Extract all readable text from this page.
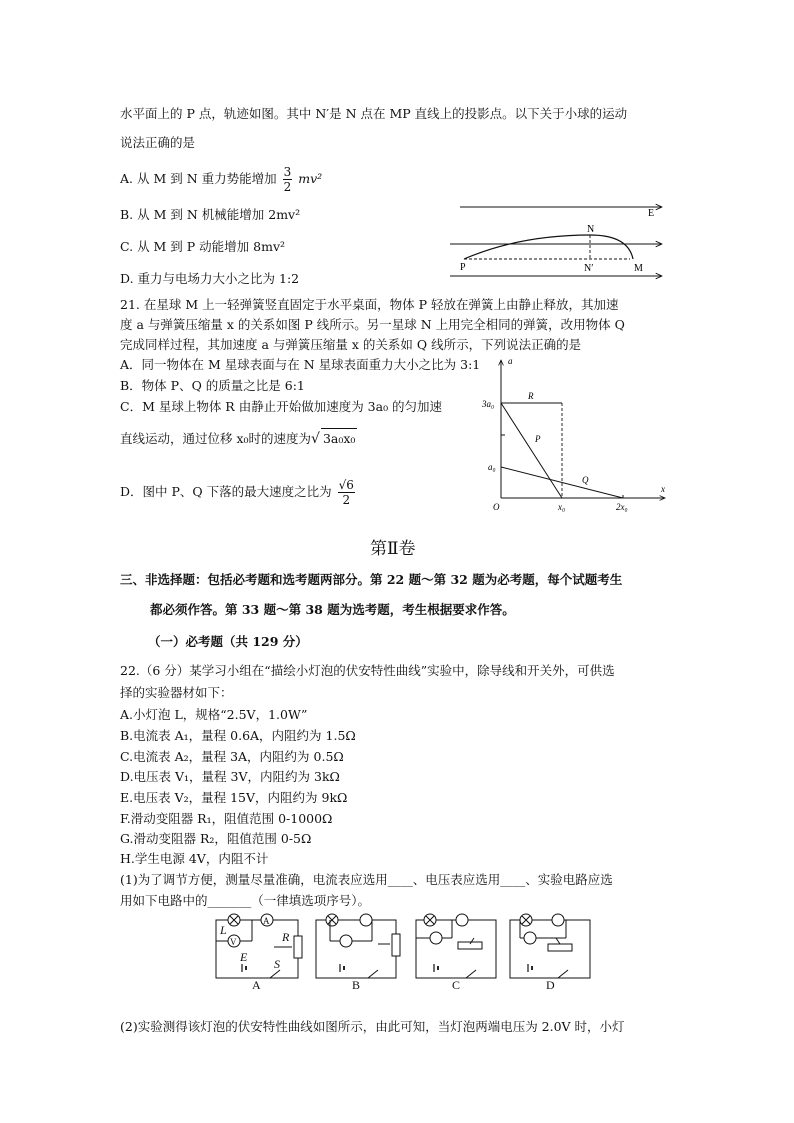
水平面上的 P 点，轨迹如图。其中 N′是 N 点在 MP 直线上的投影点。以下关于小球的运动
说法正确的是
A. 从 M 到 N 重力势能增加 $\frac{3}{2} mv^2$
B. 从 M 到 N 机械能增加 2mv²
C. 从 M 到 P 动能增加 8mv²
D. 重力与电场力大小之比为 1:2
E
N
P	N′	M
21. 在星球 M 上一轻弹簧竖直固定于水平桌面，物体 P 轻放在弹簧上由静止释放，其加速
度 a 与弹簧压缩量 x 的关系如图 P 线所示。另一星球 N 上用完全相同的弹簧，改用物体 Q
完成同样过程，其加速度 a 与弹簧压缩量 x 的关系如 Q 线所示，下列说法正确的是
A．同一物体在 M 星球表面与在 N 星球表面重力大小之比为 3:1
B．物体 P、Q 的质量之比是 6:1
C．M 星球上物体 R 由静止开始做加速度为 3a₀ 的匀加速
直线运动，通过位移 x₀时的速度为√ 3a₀x₀
D．图中 P、Q 下落的最大速度之比为 $\frac{√6}{2}$
a
3a₀
a₀
R
P
Q
x
O	x₀	2x₀
第Ⅱ卷
三、非选择题：包括必考题和选考题两部分。第 22 题～第 32 题为必考题，每个试题考生
都必须作答。第 33 题～第 38 题为选考题，考生根据要求作答。
（一）必考题（共 129 分）
22.（6 分）某学习小组在“描绘小灯泡的伏安特性曲线”实验中，除导线和开关外，可供选
择的实验器材如下：
A.小灯泡 L，规格“2.5V，1.0W”
B.电流表 A₁，量程 0.6A，内阻约为 1.5Ω
C.电流表 A₂，量程 3A，内阻约为 0.5Ω
D.电压表 V₁，量程 3V，内阻约为 3kΩ
E.电压表 V₂，量程 15V，内阻约为 9kΩ
F.滑动变阻器 R₁，阻值范围 0-1000Ω
G.滑动变阻器 R₂，阻值范围 0-5Ω
H.学生电源 4V，内阻不计
(1)为了调节方便，测量尽量准确，电流表应选用____、电压表应选用____、实验电路应选
用如下电路中的_______（一律填选项序号）。
A
V
L	R
E S
A	B	C	D
(2)实验测得该灯泡的伏安特性曲线如图所示，由此可知，当灯泡两端电压为 2.0V 时，小灯
